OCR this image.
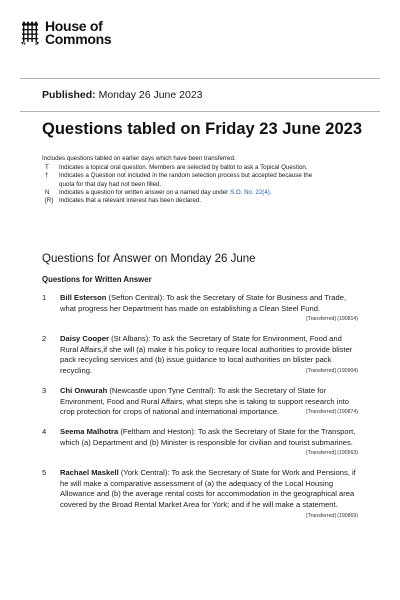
House of
Commons
Published: Monday 26 June 2023
Questions tabled on Friday 23 June 2023
Includes questions tabled on earlier days which have been transferred.
T	Indicates a topical oral question. Members are selected by ballot to ask a Topical Question.
†	Indicates a Question not included in the random selection process but accepted because the quota for that day had not been filled.
N	Indicates a question for written answer on a named day under S.O. No. 22(4).
[R] Indicates that a relevant interest has been declared.
Questions for Answer on Monday 26 June
Questions for Written Answer
1	Bill Esterson (Sefton Central): To ask the Secretary of State for Business and Trade, what progress her Department has made on establishing a Clean Steel Fund.
[Transferred] (190814)
2	Daisy Cooper (St Albans): To ask the Secretary of State for Environment, Food and Rural Affairs,if she will (a) make it his policy to require local authorities to provide blister pack recycling services and (b) issue guidance to local authorities on blister pack recycling.	[Transferred] (190904)
3	Chi Onwurah (Newcastle upon Tyne Central): To ask the Secretary of State for Environment, Food and Rural Affairs, what steps she is taking to support research into crop protection for crops of national and international importance.	[Transferred] (190874)
4	Seema Malhotra (Feltham and Heston): To ask the Secretary of State for the Transport, which (a) Department and (b) Minister is responsible for civilian and tourist submarines.
[Transferred] (190563)
5	Rachael Maskell (York Central): To ask the Secretary of State for Work and Pensions, if he will make a comparative assessment of (a) the adequacy of the Local Housing Allowance and (b) the average rental costs for accommodation in the geographical area covered by the Broad Rental Market Area for York; and if he will make a statement.
[Transferred] (190869)
